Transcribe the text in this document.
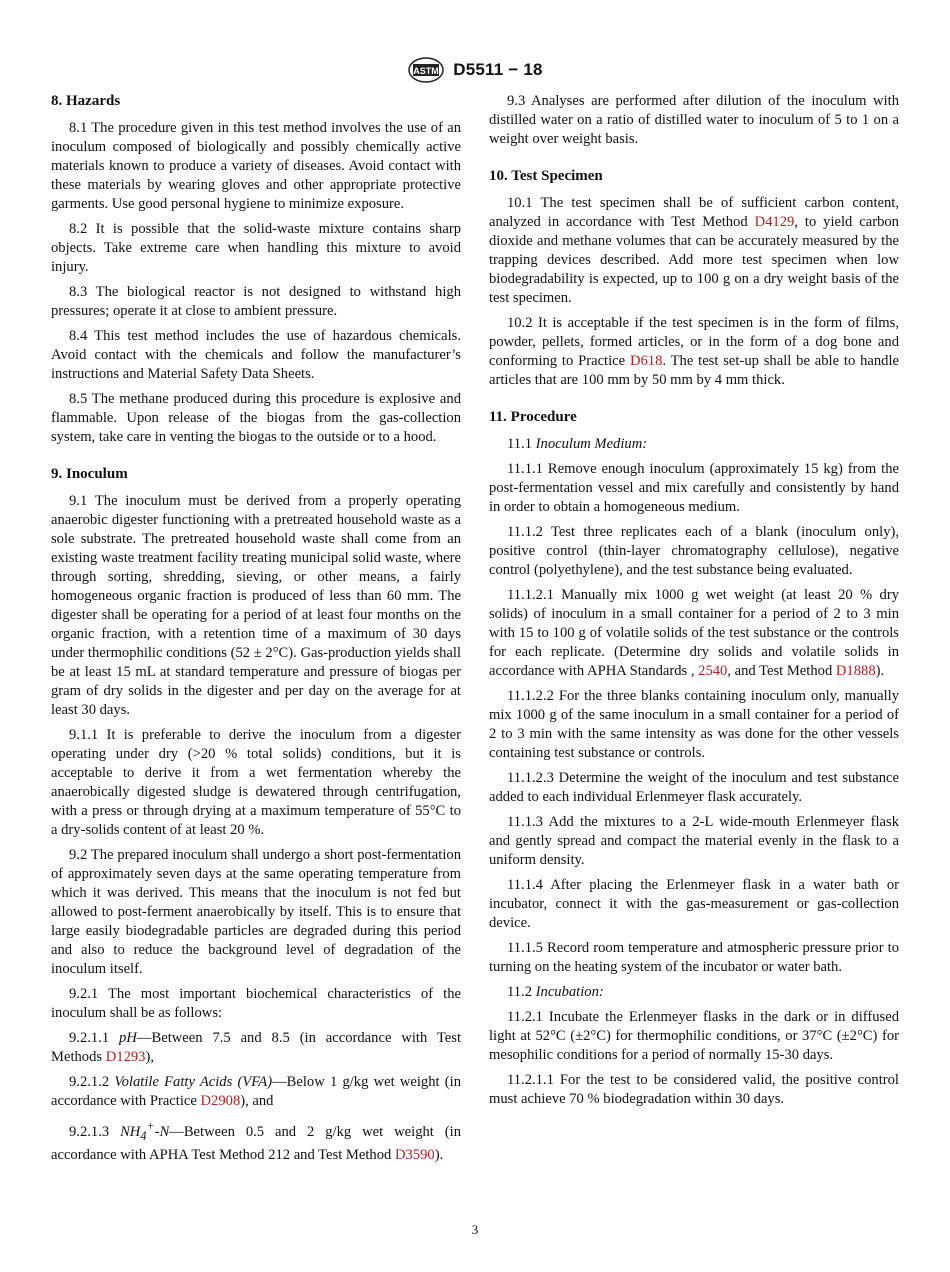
ASTM D5511 − 18
8. Hazards
8.1 The procedure given in this test method involves the use of an inoculum composed of biologically and possibly chemically active materials known to produce a variety of diseases. Avoid contact with these materials by wearing gloves and other appropriate protective garments. Use good personal hygiene to minimize exposure.
8.2 It is possible that the solid-waste mixture contains sharp objects. Take extreme care when handling this mixture to avoid injury.
8.3 The biological reactor is not designed to withstand high pressures; operate it at close to ambient pressure.
8.4 This test method includes the use of hazardous chemicals. Avoid contact with the chemicals and follow the manufacturer’s instructions and Material Safety Data Sheets.
8.5 The methane produced during this procedure is explosive and flammable. Upon release of the biogas from the gas-collection system, take care in venting the biogas to the outside or to a hood.
9. Inoculum
9.1 The inoculum must be derived from a properly operating anaerobic digester functioning with a pretreated household waste as a sole substrate. The pretreated household waste shall come from an existing waste treatment facility treating municipal solid waste, where through sorting, shredding, sieving, or other means, a fairly homogeneous organic fraction is produced of less than 60 mm. The digester shall be operating for a period of at least four months on the organic fraction, with a retention time of a maximum of 30 days under thermophilic conditions (52 ± 2°C). Gas-production yields shall be at least 15 mL at standard temperature and pressure of biogas per gram of dry solids in the digester and per day on the average for at least 30 days.
9.1.1 It is preferable to derive the inoculum from a digester operating under dry (>20 % total solids) conditions, but it is acceptable to derive it from a wet fermentation whereby the anaerobically digested sludge is dewatered through centrifugation, with a press or through drying at a maximum temperature of 55°C to a dry-solids content of at least 20 %.
9.2 The prepared inoculum shall undergo a short post-fermentation of approximately seven days at the same operating temperature from which it was derived. This means that the inoculum is not fed but allowed to post-ferment anaerobically by itself. This is to ensure that large easily biodegradable particles are degraded during this period and also to reduce the background level of degradation of the inoculum itself.
9.2.1 The most important biochemical characteristics of the inoculum shall be as follows:
9.2.1.1 pH—Between 7.5 and 8.5 (in accordance with Test Methods D1293),
9.2.1.2 Volatile Fatty Acids (VFA)—Below 1 g/kg wet weight (in accordance with Practice D2908), and
9.2.1.3 $NH_4^+-N—Between$ 0.5 and 2 g/kg wet weight (in accordance with APHA Test Method 212 and Test Method D3590).
9.3 Analyses are performed after dilution of the inoculum with distilled water on a ratio of distilled water to inoculum of 5 to 1 on a weight over weight basis.
10. Test Specimen
10.1 The test specimen shall be of sufficient carbon content, analyzed in accordance with Test Method D4129, to yield carbon dioxide and methane volumes that can be accurately measured by the trapping devices described. Add more test specimen when low biodegradability is expected, up to 100 g on a dry weight basis of the test specimen.
10.2 It is acceptable if the test specimen is in the form of films, powder, pellets, formed articles, or in the form of a dog bone and conforming to Practice D618. The test set-up shall be able to handle articles that are 100 mm by 50 mm by 4 mm thick.
11. Procedure
11.1 Inoculum Medium:
11.1.1 Remove enough inoculum (approximately 15 kg) from the post-fermentation vessel and mix carefully and consistently by hand in order to obtain a homogeneous medium.
11.1.2 Test three replicates each of a blank (inoculum only), positive control (thin-layer chromatography cellulose), negative control (polyethylene), and the test substance being evaluated.
11.1.2.1 Manually mix 1000 g wet weight (at least 20 % dry solids) of inoculum in a small container for a period of 2 to 3 min with 15 to 100 g of volatile solids of the test substance or the controls for each replicate. (Determine dry solids and volatile solids in accordance with APHA Standards , 2540, and Test Method D1888).
11.1.2.2 For the three blanks containing inoculum only, manually mix 1000 g of the same inoculum in a small container for a period of 2 to 3 min with the same intensity as was done for the other vessels containing test substance or controls.
11.1.2.3 Determine the weight of the inoculum and test substance added to each individual Erlenmeyer flask accurately.
11.1.3 Add the mixtures to a 2-L wide-mouth Erlenmeyer flask and gently spread and compact the material evenly in the flask to a uniform density.
11.1.4 After placing the Erlenmeyer flask in a water bath or incubator, connect it with the gas-measurement or gas-collection device.
11.1.5 Record room temperature and atmospheric pressure prior to turning on the heating system of the incubator or water bath.
11.2 Incubation:
11.2.1 Incubate the Erlenmeyer flasks in the dark or in diffused light at 52°C (±2°C) for thermophilic conditions, or 37°C (±2°C) for mesophilic conditions for a period of normally 15-30 days.
11.2.1.1 For the test to be considered valid, the positive control must achieve 70 % biodegradation within 30 days.
3
